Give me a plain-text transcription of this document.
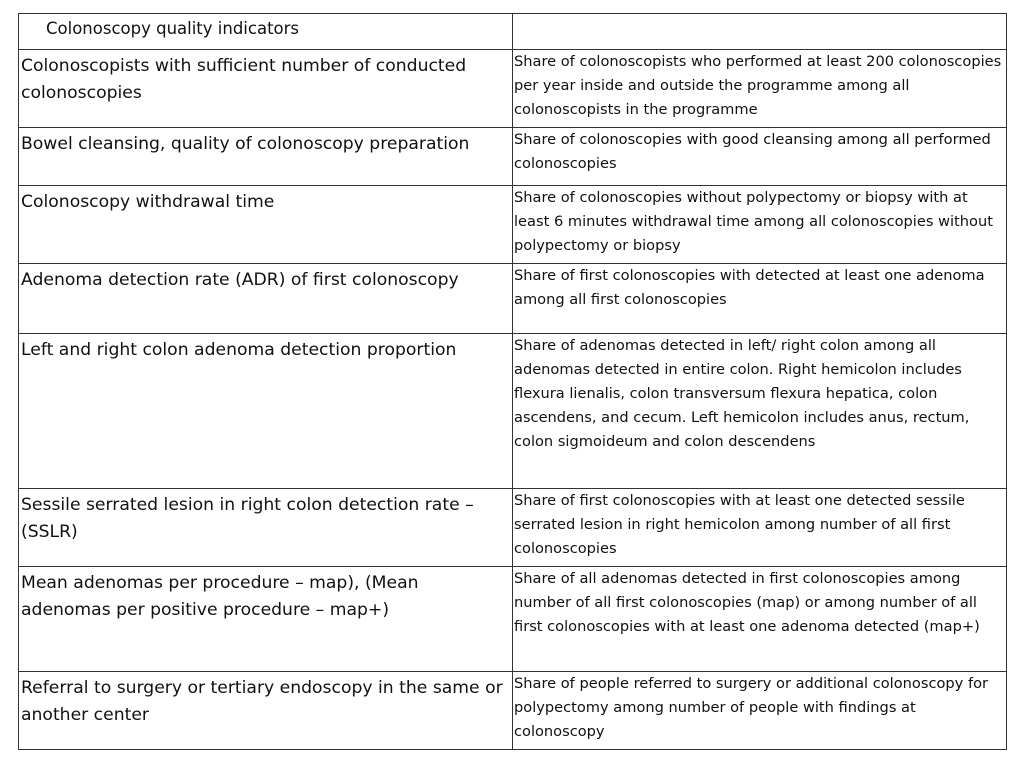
Colonoscopy quality indicators	
Colonoscopists with sufficient number of conducted colonoscopies	Share of colonoscopists who performed at least 200 colonoscopies per year inside and outside the programme among all colonoscopists in the programme
Bowel cleansing, quality of colonoscopy preparation	Share of colonoscopies with good cleansing among all performed colonoscopies
Colonoscopy withdrawal time	Share of colonoscopies without polypectomy or biopsy with at least 6 minutes withdrawal time among all colonoscopies without polypectomy or biopsy
Adenoma detection rate (ADR) of first colonoscopy	Share of first colonoscopies with detected at least one adenoma among all first colonoscopies
Left and right colon adenoma detection proportion	Share of adenomas detected in left/ right colon among all adenomas detected in entire colon. Right hemicolon includes flexura lienalis, colon transversum flexura hepatica, colon ascendens, and cecum. Left hemicolon includes anus, rectum, colon sigmoideum and colon descendens
Sessile serrated lesion in right colon detection rate – (SSLR)	Share of first colonoscopies with at least one detected sessile serrated lesion in right hemicolon among number of all first colonoscopies
Mean adenomas per procedure – map), (Mean adenomas per positive procedure – map+)	Share of all adenomas detected in first colonoscopies among number of all first colonoscopies (map) or among number of all first colonoscopies with at least one adenoma detected (map+)
Referral to surgery or tertiary endoscopy in the same or another center	Share of people referred to surgery or additional colonoscopy for polypectomy among number of people with findings at colonoscopy
